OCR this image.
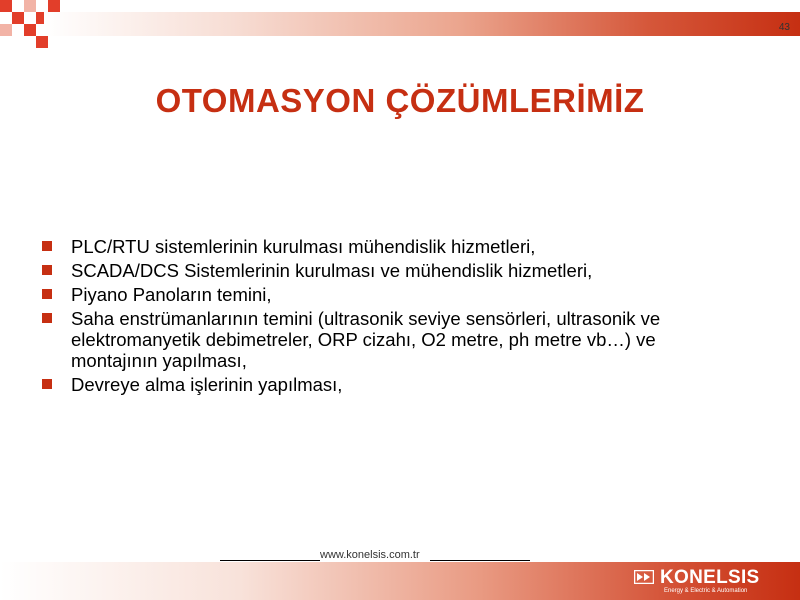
43
OTOMASYON ÇÖZÜMLERİMİZ
PLC/RTU sistemlerinin kurulması mühendislik hizmetleri,
SCADA/DCS Sistemlerinin kurulması ve mühendislik hizmetleri,
Piyano Panoların temini,
Saha enstrümanlarının temini (ultrasonik seviye sensörleri, ultrasonik ve elektromanyetik debimetreler, ORP cizahı, O2 metre, ph metre vb…) ve montajının yapılması,
Devreye alma işlerinin yapılması,
www.konelsis.com.tr
KONELSIS
Energy & Electric & Automation
